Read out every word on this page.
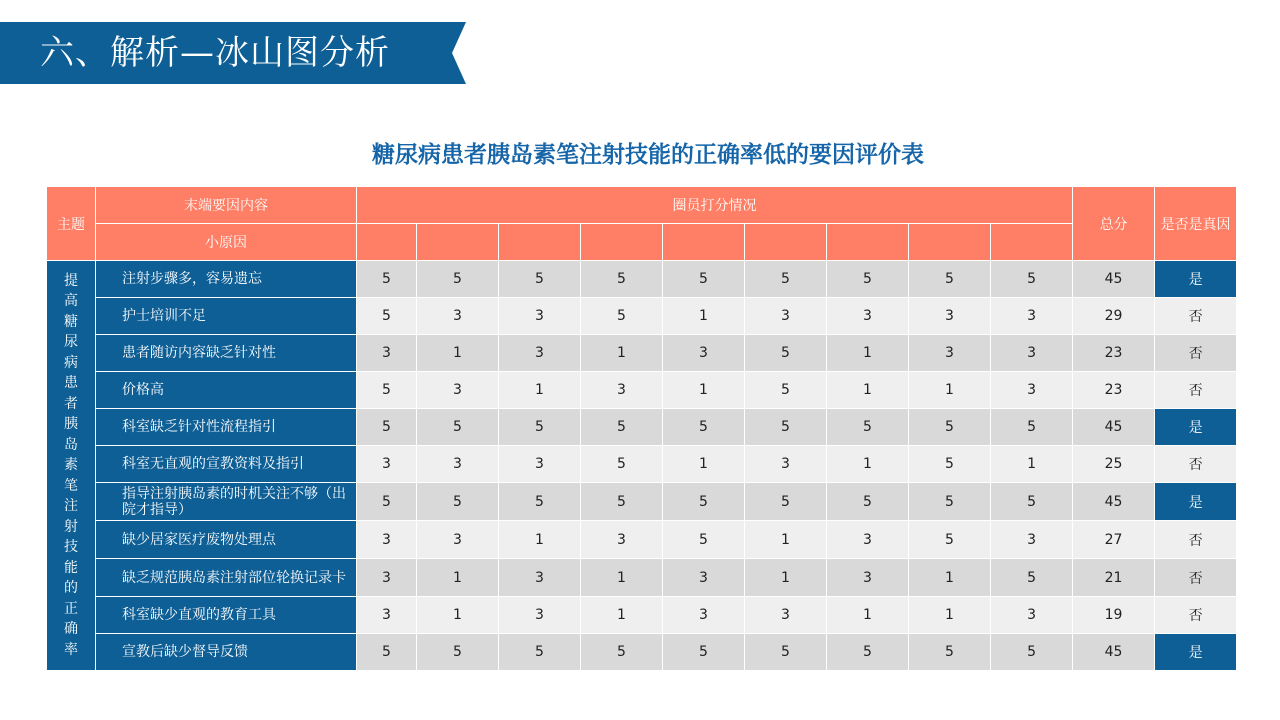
六、解析—冰山图分析
糖尿病患者胰岛素笔注射技能的正确率低的要因评价表
主题	末端要因内容	圈员打分情况									总分	是否是真因
	小原因											

提高糖尿病患者胰岛素笔注射技能的正确率	注射步骤多，容易遗忘	5	5	5	5	5	5	5	5	5	45	是
	护士培训不足	5	3	3	5	1	3	3	3	3	29	否
	患者随访内容缺乏针对性	3	1	3	1	3	5	1	3	3	23	否
	价格高	5	3	1	3	1	5	1	1	3	23	否
	科室缺乏针对性流程指引	5	5	5	5	5	5	5	5	5	45	是
	科室无直观的宣教资料及指引	3	3	3	5	1	3	1	5	1	25	否
	指导注射胰岛素的时机关注不够（出院才指导）	5	5	5	5	5	5	5	5	5	45	是
	缺少居家医疗废物处理点	3	3	1	3	5	1	3	5	3	27	否
	缺乏规范胰岛素注射部位轮换记录卡	3	1	3	1	3	1	3	1	5	21	否
	科室缺少直观的教育工具	3	1	3	1	3	3	1	1	3	19	否
	宣教后缺少督导反馈	5	5	5	5	5	5	5	5	5	45	是
